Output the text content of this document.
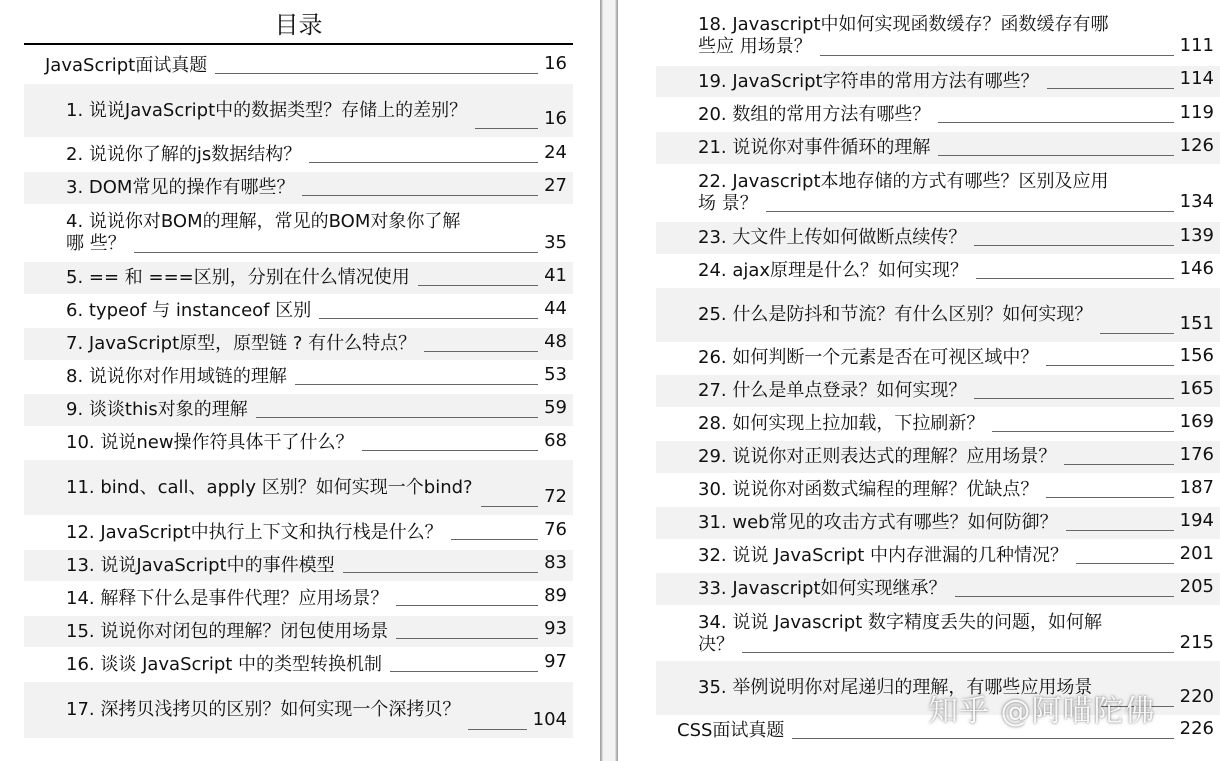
目录
JavaScript面试真题	16
1. 说说JavaScript中的数据类型？存储上的差别？	16
2. 说说你了解的js数据结构？	24
3. DOM常见的操作有哪些？	27
4. 说说你对BOM的理解，常见的BOM对象你了解哪 些？	35
5. == 和 ===区别，分别在什么情况使用	41
6. typeof 与 instanceof 区别	44
7. JavaScript原型，原型链 ? 有什么特点？	48
8. 说说你对作用域链的理解	53
9. 谈谈this对象的理解	59
10. 说说new操作符具体干了什么？	68
11. bind、call、apply 区别？如何实现一个bind?	72
12. JavaScript中执行上下文和执行栈是什么？	76
13. 说说JavaScript中的事件模型	83
14. 解释下什么是事件代理？应用场景？	89
15. 说说你对闭包的理解？闭包使用场景	93
16. 谈谈 JavaScript 中的类型转换机制	97
17. 深拷贝浅拷贝的区别？如何实现一个深拷贝？	104
18. Javascript中如何实现函数缓存？函数缓存有哪些应 用场景？	111
19. JavaScript字符串的常用方法有哪些？	114
20. 数组的常用方法有哪些？	119
21. 说说你对事件循环的理解	126
22. Javascript本地存储的方式有哪些？区别及应用场 景？	134
23. 大文件上传如何做断点续传？	139
24. ajax原理是什么？如何实现？	146
25. 什么是防抖和节流？有什么区别？如何实现？	151
26. 如何判断一个元素是否在可视区域中？	156
27. 什么是单点登录？如何实现？	165
28. 如何实现上拉加载，下拉刷新？	169
29. 说说你对正则表达式的理解？应用场景？	176
30. 说说你对函数式编程的理解？优缺点？	187
31. web常见的攻击方式有哪些？如何防御？	194
32. 说说 JavaScript 中内存泄漏的几种情况？	201
33. Javascript如何实现继承？	205
34. 说说 Javascript 数字精度丢失的问题，如何解决？	215
35. 举例说明你对尾递归的理解，有哪些应用场景	220
CSS面试真题	226
知乎 @阿喵陀佛
